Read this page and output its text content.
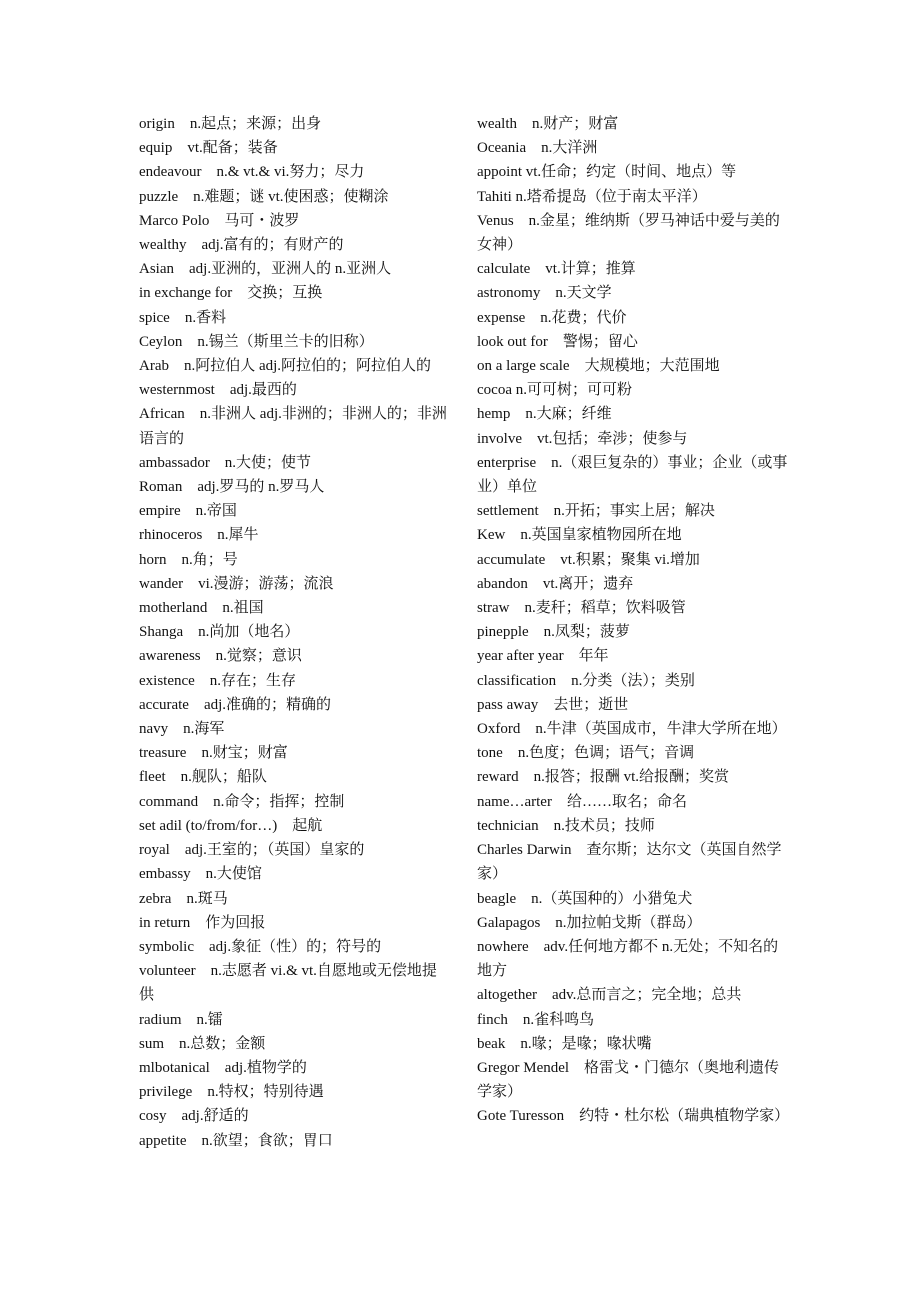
origin　n.起点；来源；出身

equip　vt.配备；装备

endeavour　n.& vt.& vi.努力；尽力

puzzle　n.难题；谜 vt.使困惑；使糊涂

Marco Polo　马可・波罗

wealthy　adj.富有的；有财产的

Asian　adj.亚洲的，亚洲人的 n.亚洲人

in exchange for　交换；互换

spice　n.香料

Ceylon　n.锡兰（斯里兰卡的旧称）

Arab　n.阿拉伯人 adj.阿拉伯的；阿拉伯人的

westernmost　adj.最西的

African　n.非洲人 adj.非洲的；非洲人的；非洲语言的

ambassador　n.大使；使节

Roman　adj.罗马的 n.罗马人

empire　n.帝国

rhinoceros　n.犀牛

horn　n.角；号

wander　vi.漫游；游荡；流浪

motherland　n.祖国

Shanga　n.尚加（地名）

awareness　n.觉察；意识

existence　n.存在；生存

accurate　adj.准确的；精确的

navy　n.海军

treasure　n.财宝；财富

fleet　n.舰队；船队

command　n.命令；指挥；控制

set adil (to/from/for…)　起航

royal　adj.王室的；（英国）皇家的

embassy　n.大使馆

zebra　n.斑马

in return　作为回报

symbolic　adj.象征（性）的；符号的

volunteer　n.志愿者 vi.& vt.自愿地或无偿地提供

radium　n.镭

sum　n.总数；金额

mlbotanical　adj.植物学的

privilege　n.特权；特别待遇

cosy　adj.舒适的

appetite　n.欲望；食欲；胃口

wealth　n.财产；财富

Oceania　n.大洋洲

appoint vt.任命；约定（时间、地点）等

Tahiti n.塔希提岛（位于南太平洋）

Venus　n.金星；维纳斯（罗马神话中爱与美的女神）

calculate　vt.计算；推算

astronomy　n.天文学

expense　n.花费；代价

look out for　警惕；留心

on a large scale　大规模地；大范围地

cocoa n.可可树；可可粉

hemp　n.大麻；纤维

involve　vt.包括；牵涉；使参与

enterprise　n.（艰巨复杂的）事业；企业（或事业）单位

settlement　n.开拓；事实上居；解决

Kew　n.英国皇家植物园所在地

accumulate　vt.积累；聚集 vi.增加

abandon　vt.离开；遗弃

straw　n.麦秆；稻草；饮料吸管

pinepple　n.凤梨；菠萝

year after year　年年

classification　n.分类（法）；类别

pass away　去世；逝世

Oxford　n.牛津（英国成市，牛津大学所在地）

tone　n.色度；色调；语气；音调

reward　n.报答；报酬 vt.给报酬；奖赏

name…arter　给……取名；命名

technician　n.技术员；技师

Charles Darwin　查尔斯；达尔文（英国自然学家）

beagle　n.（英国种的）小猎兔犬

Galapagos　n.加拉帕戈斯（群岛）

nowhere　adv.任何地方都不 n.无处；不知名的地方

altogether　adv.总而言之；完全地；总共

finch　n.雀科鸣鸟

beak　n.喙；是喙；喙状嘴

Gregor Mendel　格雷戈・门德尔（奥地利遗传学家）

Gote Turesson　约特・杜尔松（瑞典植物学家）
